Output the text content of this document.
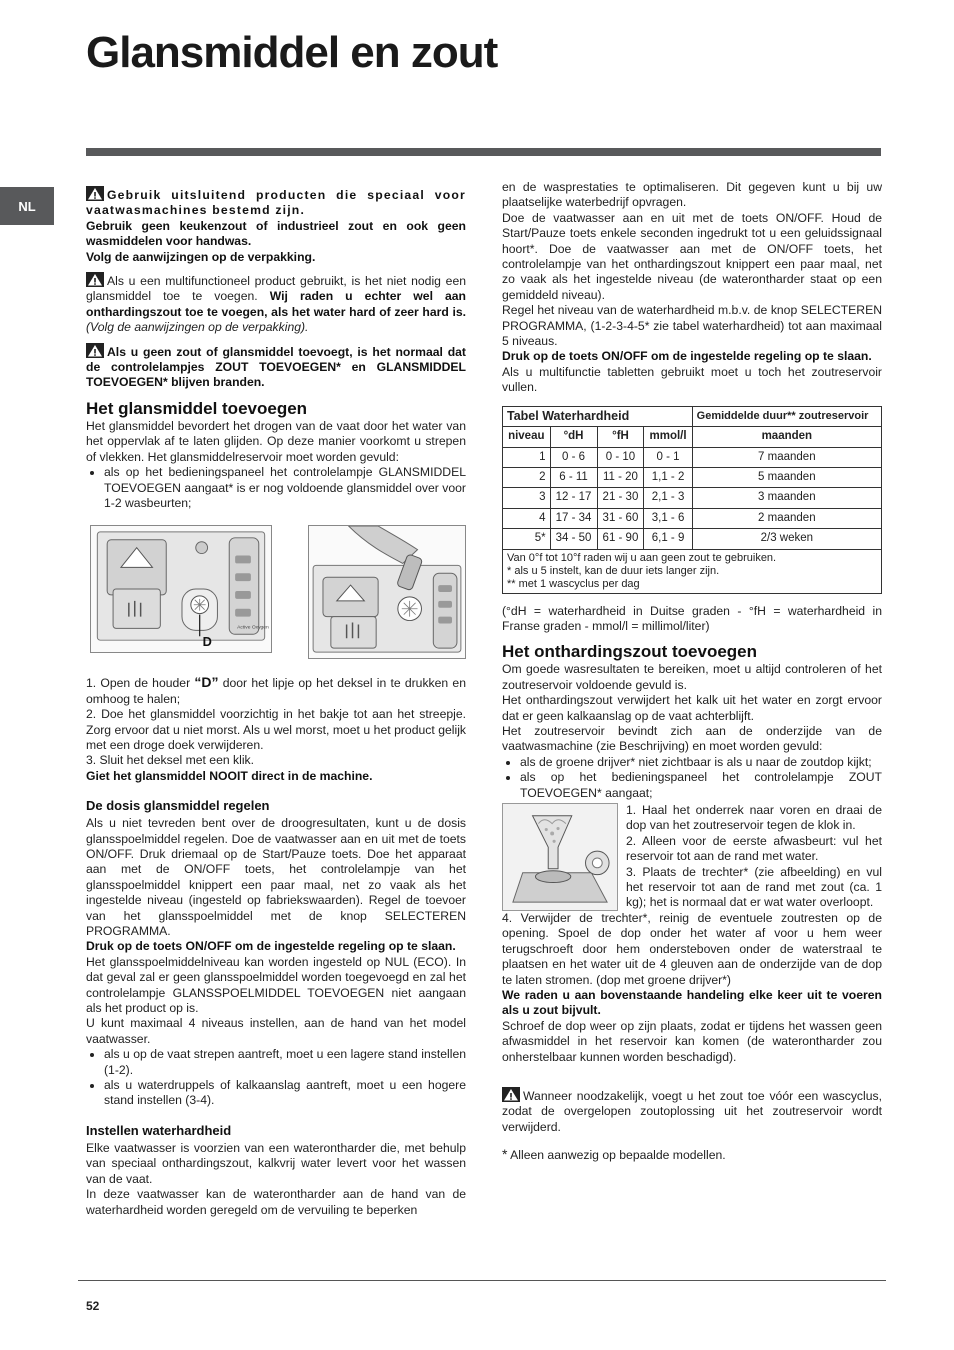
Glansmiddel en zout
NL

Gebruik uitsluitend producten die speciaal voor vaatwasmachines bestemd zijn.
Gebruik geen keukenzout of industrieel zout en ook geen wasmiddelen voor handwas.
Volg de aanwijzingen op de verpakking.

Als u een multifunctioneel product gebruikt, is het niet nodig een glansmiddel toe te voegen. Wij raden u echter wel aan onthardingszout toe te voegen, als het water hard of zeer hard is. (Volg de aanwijzingen op de verpakking).

Als u geen zout of glansmiddel toevoegt, is het normaal dat de controlelampjes ZOUT TOEVOEGEN* en GLANSMIDDEL TOEVOEGEN* blijven branden.

Het glansmiddel toevoegen

Het glansmiddel bevordert het drogen van de vaat door het water van het oppervlak af te laten glijden. Op deze manier voorkomt u strepen of vlekken. Het glansmiddelreservoir moet worden gevuld:

• als op het bedieningspaneel het controlelampje GLANSMIDDEL TOEVOEGEN aangaat* is er nog voldoende glansmiddel over voor 1-2 wasbeurten;
Active Oxygen
D

1. Open de houder “D” door het lipje op het deksel in te drukken en omhoog te halen;

2. Doe het glansmiddel voorzichtig in het bakje tot aan het streepje. Zorg ervoor dat u niet morst. Als u wel morst, moet u het product gelijk met een droge doek verwijderen.

3. Sluit het deksel met een klik.

Giet het glansmiddel NOOIT direct in de machine.

De dosis glansmiddel regelen

Als u niet tevreden bent over de droogresultaten, kunt u de dosis glansspoelmiddel regelen. Doe de vaatwasser aan en uit met de toets ON/OFF. Druk driemaal op de Start/Pauze toets. Doe het apparaat aan met de ON/OFF toets, het controlelampje van het glansspoelmiddel knippert een paar maal, net zo vaak als het ingestelde niveau (ingesteld op fabriekswaarden). Regel de toevoer van het glansspoelmiddel met de knop SELECTEREN PROGRAMMA.

Druk op de toets ON/OFF om de ingestelde regeling op te slaan.

Het glansspoelmiddelniveau kan worden ingesteld op NUL (ECO). In dat geval zal er geen glansspoelmiddel worden toegevoegd en zal het controlelampje GLANSSPOELMIDDEL TOEVOEGEN niet aangaan als het product op is.

U kunt maximaal 4 niveaus instellen, aan de hand van het model vaatwasser.

• als u op de vaat strepen aantreft, moet u een lagere stand instellen (1-2).
• als u waterdruppels of kalkaanslag aantreft, moet u een hogere stand instellen (3-4).
Instellen waterhardheid

Elke vaatwasser is voorzien van een waterontharder die, met behulp van speciaal onthardingszout, kalkvrij water levert voor het wassen van de vaat.

In deze vaatwasser kan de waterontharder aan de hand van de waterhardheid worden geregeld om de vervuiling te beperken

en de wasprestaties te optimaliseren. Dit gegeven kunt u bij uw plaatselijke waterbedrijf opvragen.

Doe de vaatwasser aan en uit met de toets ON/OFF. Houd de Start/Pauze toets enkele seconden ingedrukt tot u een geluidssignaal hoort*. Doe de vaatwasser aan met de ON/OFF toets, het controlelampje van het onthardingszout knippert een paar maal, net zo vaak als het ingestelde niveau (de waterontharder staat op een gemiddeld niveau).

Regel het niveau van de waterhardheid m.b.v. de knop SELECTEREN PROGRAMMA, (1-2-3-4-5* zie tabel waterhardheid) tot aan maximaal 5 niveaus.

Druk op de toets ON/OFF om de ingestelde regeling op te slaan.

Als u multifunctie tabletten gebruikt moet u toch het zoutreservoir vullen.

Tabel Waterhardheid				Gemiddelde duur** zoutreservoir
niveau	°dH	°fH	mmol/l	maanden
1	0 - 6	0 - 10	0 - 1	7 maanden
2	6 - 11	11 - 20	1,1 - 2	5 maanden
3	12 - 17	21 - 30	2,1 - 3	3 maanden
4	17 - 34	31 - 60	3,1 - 6	2 maanden
5*	34 - 50	61 - 90	6,1 - 9	2/3 weken

Van 0°f tot 10°f raden wij u aan geen zout te gebruiken.
* als u 5 instelt, kan de duur iets langer zijn.
** met 1 wascyclus per dag				

(°dH = waterhardheid in Duitse graden - °fH = waterhardheid in Franse graden - mmol/l = millimol/liter)

Het onthardingszout toevoegen

Om goede wasresultaten te bereiken, moet u altijd controleren of het zoutreservoir voldoende gevuld is.

Het onthardingszout verwijdert het kalk uit het water en zorgt ervoor dat er geen kalkaanslag op de vaat achterblijft.

Het zoutreservoir bevindt zich aan de onderzijde van de vaatwasmachine (zie Beschrijving) en moet worden gevuld:

• als de groene drijver* niet zichtbaar is als u naar de zoutdop kijkt;
• als op het bedieningspaneel het controlelampje ZOUT TOEVOEGEN* aangaat;

1. Haal het onderrek naar voren en draai de dop van het zoutreservoir tegen de klok in.

2. Alleen voor de eerste afwasbeurt: vul het reservoir tot aan de rand met water.

3. Plaats de trechter* (zie afbeelding) en vul het reservoir tot aan de rand met zout (ca. 1 kg); het is normaal dat er wat water overloopt.

4. Verwijder de trechter*, reinig de eventuele zoutresten op de opening. Spoel de dop onder het water af voor u hem weer terugschroeft door hem ondersteboven onder de waterstraal te plaatsen en het water uit de 4 gleuven aan de onderzijde van de dop te laten stromen. (dop met groene drijver*)

We raden u aan bovenstaande handeling elke keer uit te voeren als u zout bijvult.

Schroef de dop weer op zijn plaats, zodat er tijdens het wassen geen afwasmiddel in het reservoir kan komen (de waterontharder zou onherstelbaar kunnen worden beschadigd).

Wanneer noodzakelijk, voegt u het zout toe vóór een wascyclus, zodat de overgelopen zoutoplossing uit het zoutreservoir wordt verwijderd.

* Alleen aanwezig op bepaalde modellen.

52
